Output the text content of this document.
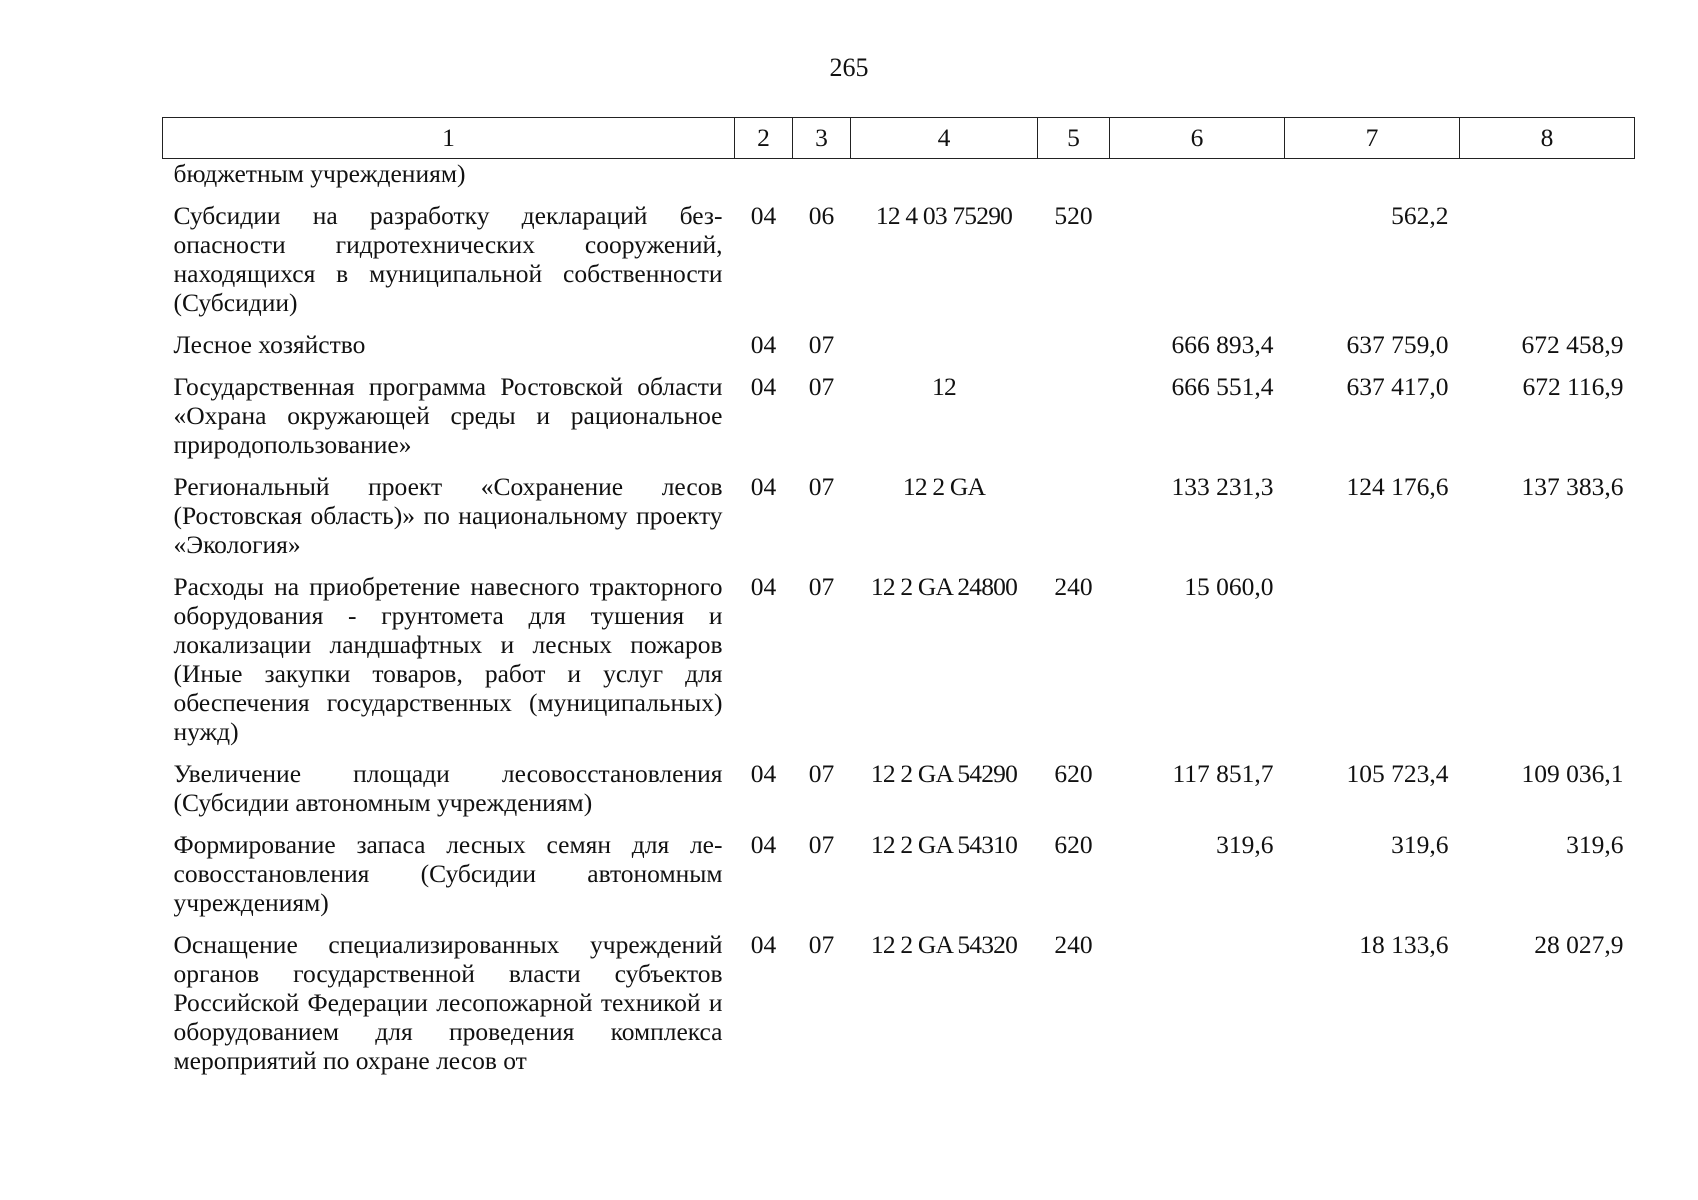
265
1	2	3	4	5	6	7	8
бюджетным учреждениям)							

Субсидии на разработку деклараций безопасности гидротехнических сооружений, находящихся в муниципальной собственности (Субсидии)	04	06	12 4 03 75290	520		562,2	

Лесное хозяйство	04	07			666 893,4	637 759,0	672 458,9

Государственная программа Ростовской области «Охрана окружающей среды и рациональное природопользование»	04	07	12		666 551,4	637 417,0	672 116,9

Региональный проект «Сохранение лесов (Ростовская область)» по национальному проекту «Экология»	04	07	12 2 GA		133 231,3	124 176,6	137 383,6

Расходы на приобретение навесного тракторного оборудования - грунтомета для тушения и локализации ландшафтных и лесных пожаров (Иные закупки товаров, работ и услуг для обеспечения государственных (муниципальных) нужд)	04	07	12 2 GA 24800	240	15 060,0		

Увеличение площади лесовосстановления (Субсидии автономным учреждениям)	04	07	12 2 GA 54290	620	117 851,7	105 723,4	109 036,1

Формирование запаса лесных семян для лесовосстановления (Субсидии автономным учреждениям)	04	07	12 2 GA 54310	620	319,6	319,6	319,6

Оснащение специализированных учреждений органов государственной власти субъектов Российской Федерации лесопожарной техникой и оборудованием для проведения комплекса мероприятий по охране лесов от	04	07	12 2 GA 54320	240		18 133,6	28 027,9
